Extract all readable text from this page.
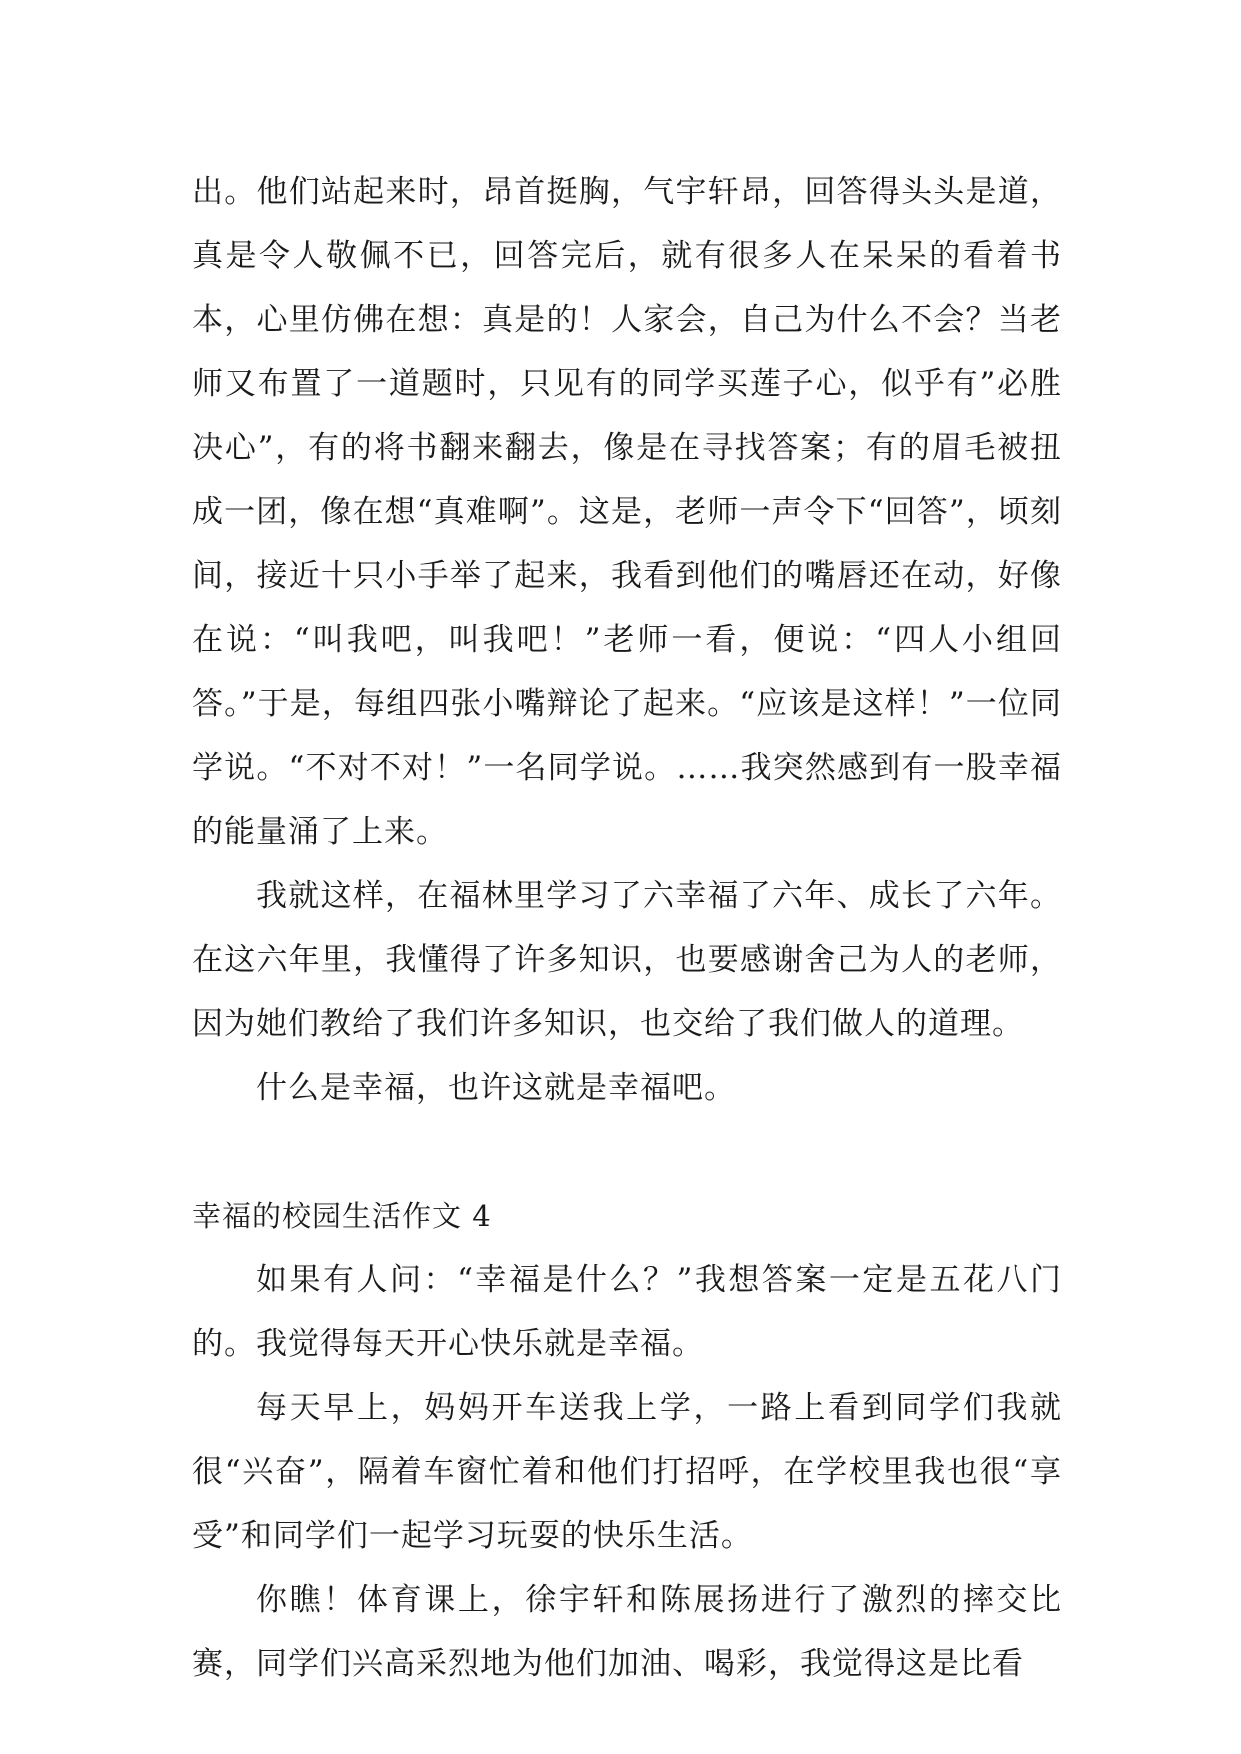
出。他们站起来时，昂首挺胸，气宇轩昂，回答得头头是道，真是令人敬佩不已，回答完后，就有很多人在呆呆的看着书本，心里仿佛在想：真是的！人家会，自己为什么不会？当老师又布置了一道题时，只见有的同学买莲子心，似乎有”必胜决心”，有的将书翻来翻去，像是在寻找答案；有的眉毛被扭成一团，像在想“真难啊”。这是，老师一声令下“回答”，顷刻间，接近十只小手举了起来，我看到他们的嘴唇还在动，好像在说：“叫我吧，叫我吧！”老师一看，便说：“四人小组回答。”于是，每组四张小嘴辩论了起来。“应该是这样！”一位同学说。“不对不对！”一名同学说。……我突然感到有一股幸福的能量涌了上来。

我就这样，在福林里学习了六幸福了六年、成长了六年。在这六年里，我懂得了许多知识，也要感谢舍己为人的老师，因为她们教给了我们许多知识，也交给了我们做人的道理。

什么是幸福，也许这就是幸福吧。

幸福的校园生活作文 4

如果有人问：“幸福是什么？”我想答案一定是五花八门的。我觉得每天开心快乐就是幸福。

每天早上，妈妈开车送我上学，一路上看到同学们我就很“兴奋”，隔着车窗忙着和他们打招呼，在学校里我也很“享受”和同学们一起学习玩耍的快乐生活。

你瞧！体育课上，徐宇轩和陈展扬进行了激烈的摔交比赛，同学们兴高采烈地为他们加油、喝彩，我觉得这是比看
